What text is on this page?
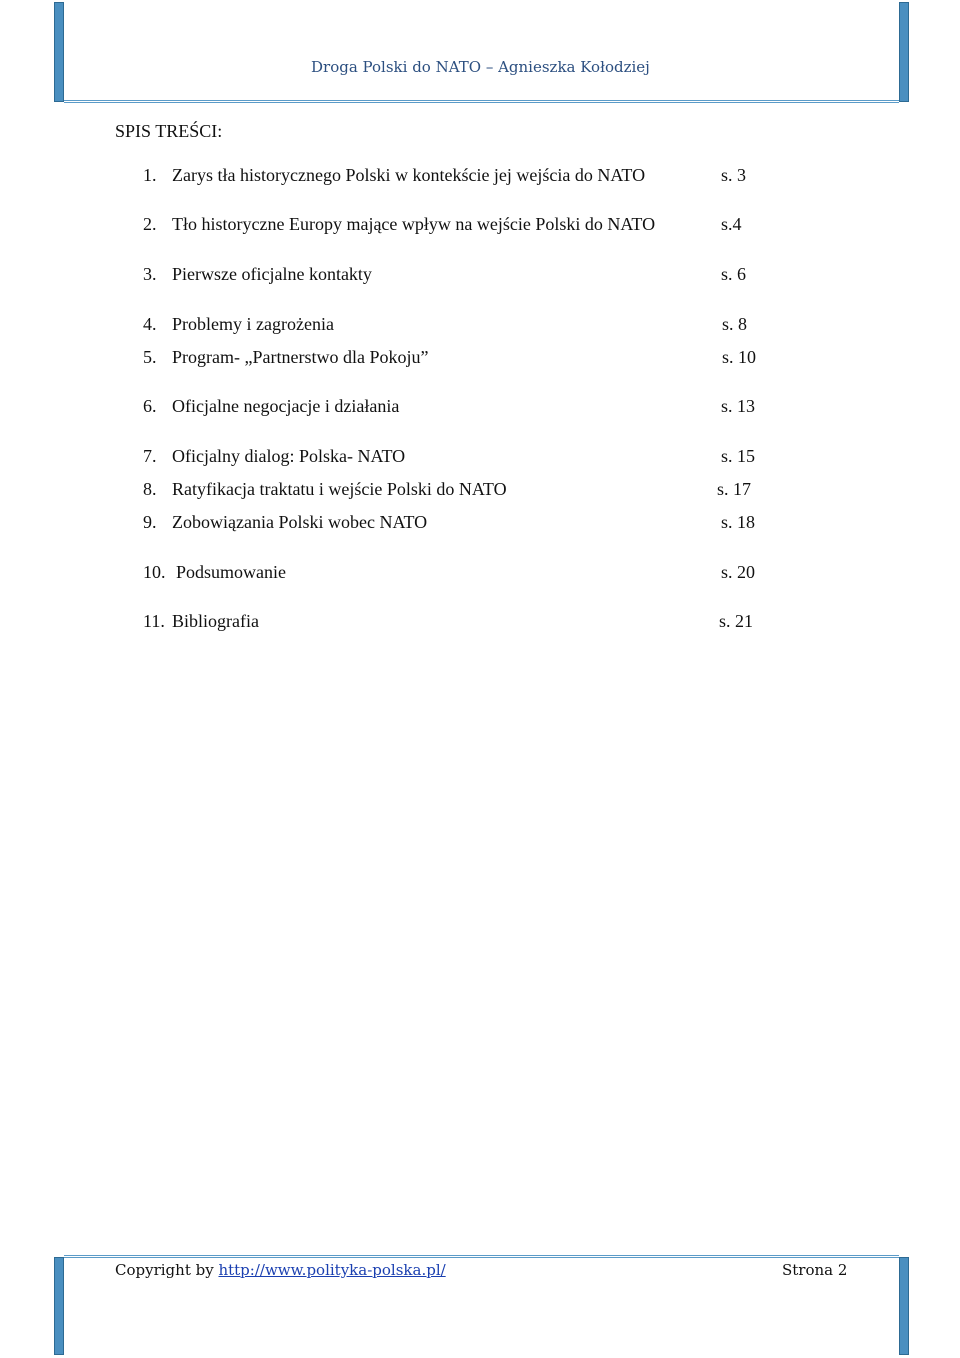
Droga Polski do NATO – Agnieszka Kołodziej
SPIS TREŚCI:
1. Zarys tła historycznego Polski w kontekście jej wejścia do NATO	s. 3
2. Tło historyczne Europy mające wpływ na wejście Polski do NATO	s.4
3. Pierwsze oficjalne kontakty	s. 6
4. Problemy i zagrożenia	s. 8
5. Program- „Partnerstwo dla Pokoju”	s. 10
6. Oficjalne negocjacje i działania	s. 13
7. Oficjalny dialog: Polska- NATO	s. 15
8. Ratyfikacja traktatu i wejście Polski do NATO	s. 17
9. Zobowiązania Polski wobec NATO	s. 18
10. Podsumowanie	s. 20
11. Bibliografia	s. 21
Copyright by http://www.polityka-polska.pl/	Strona 2
